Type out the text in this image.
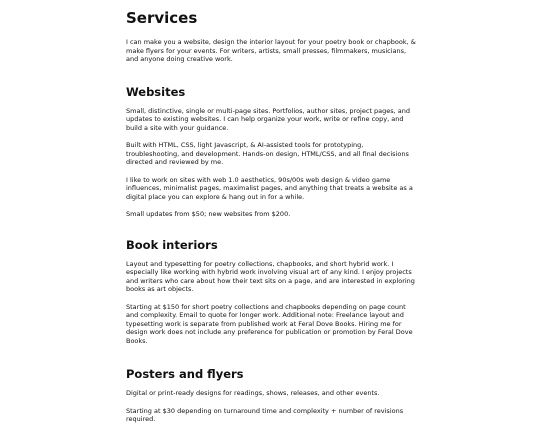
Services

I can make you a website, design the interior layout for your poetry book or chapbook, & make flyers for your events. For writers, artists, small presses, filmmakers, musicians, and anyone doing creative work.

Websites

Small, distinctive, single or multi-page sites. Portfolios, author sites, project pages, and updates to existing websites. I can help organize your work, write or refine copy, and build a site with your guidance.

Built with HTML, CSS, light Javascript, & AI-assisted tools for prototyping, troubleshooting, and development. Hands-on design, HTML/CSS, and all final decisions directed and reviewed by me.

I like to work on sites with web 1.0 aesthetics, 90s/00s web design & video game influences, minimalist pages, maximalist pages, and anything that treats a website as a digital place you can explore & hang out in for a while.

Small updates from $50; new websites from $200.

Book interiors

Layout and typesetting for poetry collections, chapbooks, and short hybrid work. I especially like working with hybrid work involving visual art of any kind. I enjoy projects and writers who care about how their text sits on a page, and are interested in exploring books as art objects.

Starting at $150 for short poetry collections and chapbooks depending on page count and complexity. Email to quote for longer work. Additional note: Freelance layout and typesetting work is separate from published work at Feral Dove Books. Hiring me for design work does not include any preference for publication or promotion by Feral Dove Books.

Posters and flyers

Digital or print-ready designs for readings, shows, releases, and other events.

Starting at $30 depending on turnaround time and complexity + number of revisions required.
